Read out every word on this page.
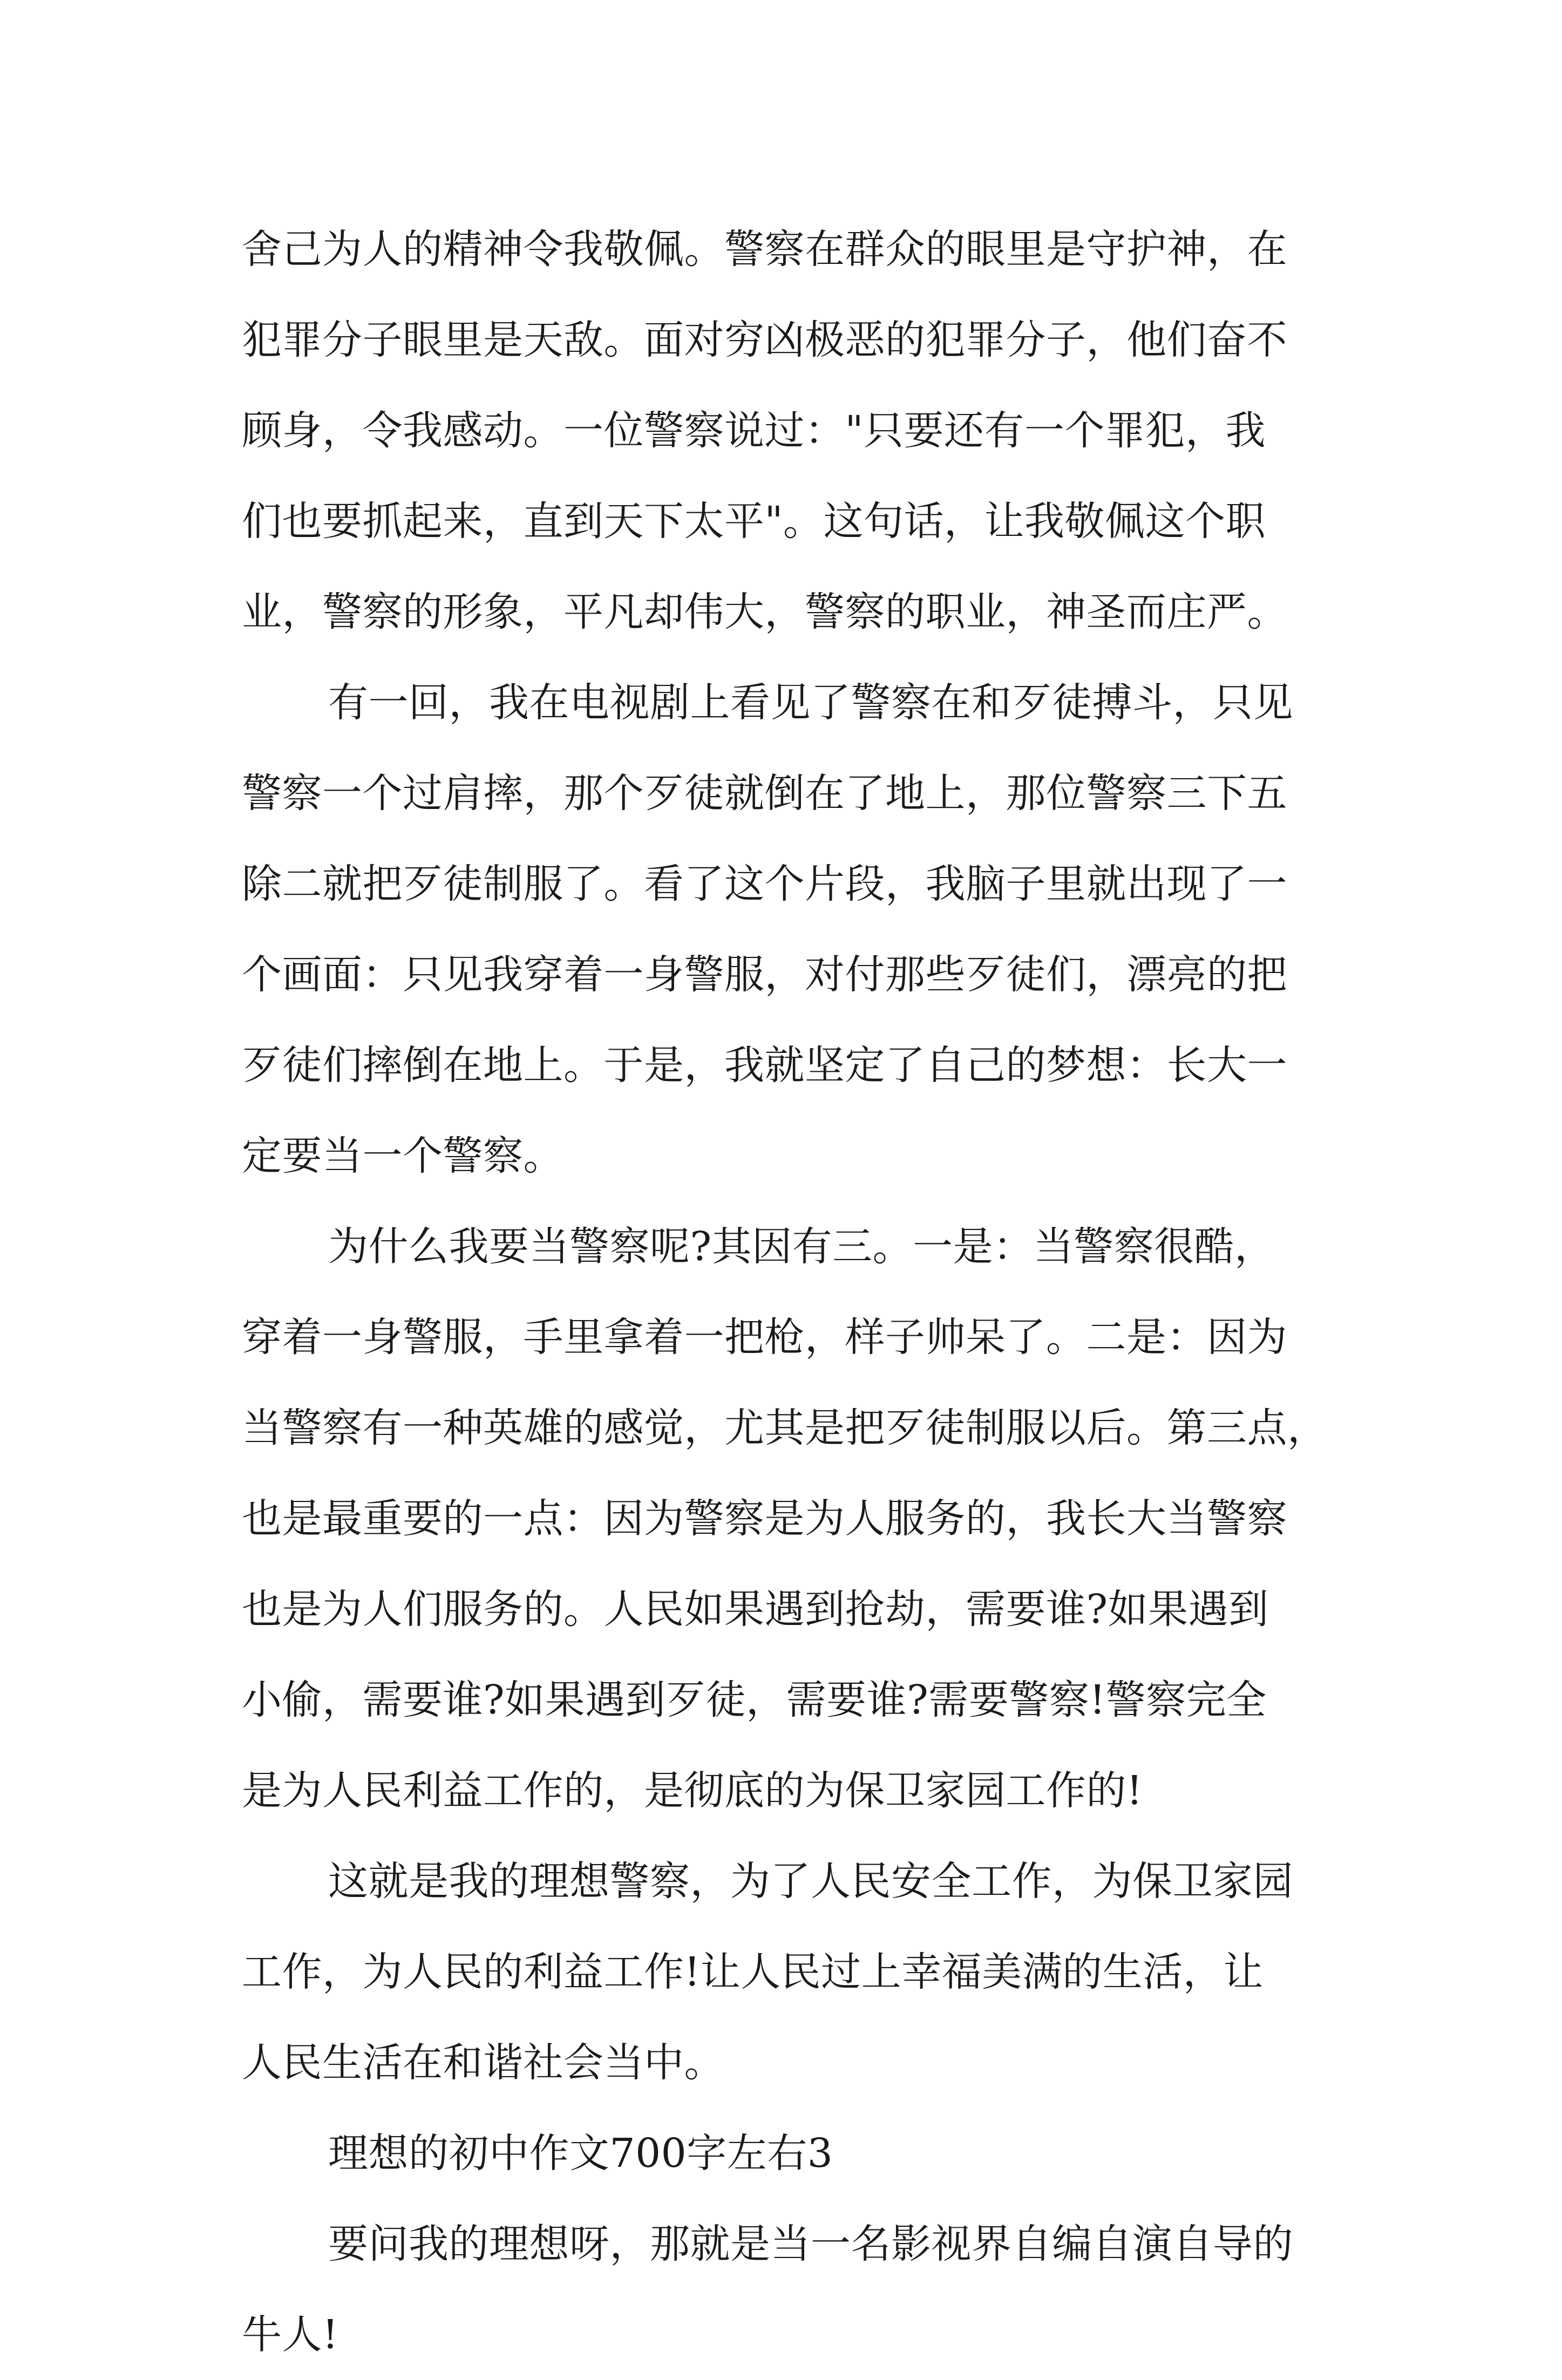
舍己为人的精神令我敬佩。警察在群众的眼里是守护神，在
犯罪分子眼里是天敌。面对穷凶极恶的犯罪分子，他们奋不
顾身，令我感动。一位警察说过："只要还有一个罪犯，我
们也要抓起来，直到天下太平"。这句话，让我敬佩这个职
业，警察的形象，平凡却伟大，警察的职业，神圣而庄严。
有一回，我在电视剧上看见了警察在和歹徒搏斗，只见
警察一个过肩摔，那个歹徒就倒在了地上，那位警察三下五
除二就把歹徒制服了。看了这个片段，我脑子里就出现了一
个画面：只见我穿着一身警服，对付那些歹徒们，漂亮的把
歹徒们摔倒在地上。于是，我就坚定了自己的梦想：长大一
定要当一个警察。
为什么我要当警察呢?其因有三。一是：当警察很酷，
穿着一身警服，手里拿着一把枪，样子帅呆了。二是：因为
当警察有一种英雄的感觉，尤其是把歹徒制服以后。第三点，
也是最重要的一点：因为警察是为人服务的，我长大当警察
也是为人们服务的。人民如果遇到抢劫，需要谁?如果遇到
小偷，需要谁?如果遇到歹徒，需要谁?需要警察!警察完全
是为人民利益工作的，是彻底的为保卫家园工作的!
这就是我的理想警察，为了人民安全工作，为保卫家园
工作，为人民的利益工作!让人民过上幸福美满的生活，让
人民生活在和谐社会当中。
理想的初中作文700字左右3
要问我的理想呀，那就是当一名影视界自编自演自导的
牛人!
